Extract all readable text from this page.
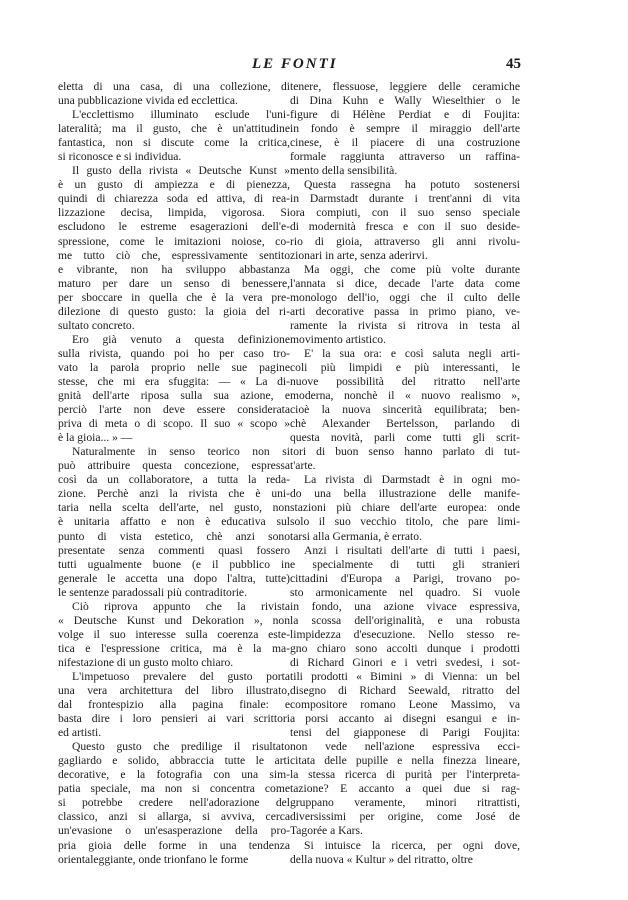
LE FONTI	45

eletta di una casa, di una collezione, di
una pubblicazione vivida ed ecclettica.

L'ecclettismo illuminato esclude l'uni-
lateralità; ma il gusto, che è un'attitudine
fantastica, non si discute come la critica,
si riconosce e si individua.

Il gusto della rivista « Deutsche Kunst »
è un gusto di ampiezza e di pienezza,
quindi di chiarezza soda ed attiva, di rea-
lizzazione decisa, limpida, vigorosa. Si
escludono le estreme esagerazioni dell'e-
spressione, come le imitazioni noiose, co-
me tutto ciò che, espressivamente sentito
e vibrante, non ha sviluppo abbastanza
maturo per dare un senso di benessere,
per sboccare in quella che è la vera pre-
dilezione di questo gusto: la gioia del ri-
sultato concreto.

Ero già venuto a questa definizione
sulla rivista, quando poi ho per caso tro-
vato la parola proprio nelle sue pagine
stesse, che mi era sfuggita: — « La di-
gnità dell'arte riposa sulla sua azione, e
perciò l'arte non deve essere considerata
priva di meta o di scopo. Il suo « scopo »
è la gioia... » —

Naturalmente in senso teorico non si
può attribuire questa concezione, espressa
così da un collaboratore, a tutta la reda-
zione. Perchè anzi la rivista che è uni-
taria nella scelta dell'arte, nel gusto, non
è unitaria affatto e non è educativa sul
punto di vista estetico, chè anzi sono
presentate senza commenti quasi fossero
tutti ugualmente buone (e il pubblico in
generale le accetta una dopo l'altra, tutte)
le sentenze paradossali più contraditorie.

Ciò riprova appunto che la rivista
« Deutsche Kunst und Dekoration », non
volge il suo interesse sulla coerenza este-
tica e l'espressione critica, ma è la ma-
nifestazione di un gusto molto chiaro.

L'impetuoso prevalere del gusto porta
una vera architettura del libro illustrato,
dal frontespizio alla pagina finale: e
basta dire i loro pensieri ai vari scrittori
ed artisti.

Questo gusto che predilige il risultato
gagliardo e solido, abbraccia tutte le arti
decorative, e la fotografia con una sim-
patia speciale, ma non si concentra come
si potrebbe credere nell'adorazione del
classico, anzi si allarga, si avviva, cerca
un'evasione o un'esasperazione della pro-
pria gioia delle forme in una tendenza
orientaleggiante, onde trionfano le forme

tenere, flessuose, leggiere delle ceramiche
di Dina Kuhn e Wally Wieselthier o le
figure di Hélène Perdiat e di Foujita:
in fondo è sempre il miraggio dell'arte
cinese, è il piacere di una costruzione
formale raggiunta attraverso un raffina-
mento della sensibilità.

Questa rassegna ha potuto sostenersi
in Darmstadt durante i trent'anni di vita
ora compiuti, con il suo senso speciale
di modernità fresca e con il suo deside-
rio di gioia, attraverso gli anni rivolu-
zionari in arte, senza aderirvi.

Ma oggi, che come più volte durante
l'annata si dice, decade l'arte data come
monologo dell'io, oggi che il culto delle
arti decorative passa in primo piano, ve-
ramente la rivista si ritrova in testa al
movimento artistico.

E' la sua ora: e così saluta negli arti-
coli più limpidi e più interessanti, le
nuove possibilità del ritratto nell'arte
moderna, nonchè il « nuovo realismo »,
cioè la nuova sincerità equilibrata; ben-
chè Alexander Bertelsson, parlando di
questa novità, parli come tutti gli scrit-
tori di buon senso hanno parlato di tut-
t'arte.

La rivista di Darmstadt è in ogni mo-
do una bella illustrazione delle manife-
stazioni più chiare dell'arte europea: onde
solo il suo vecchio titolo, che pare limi-
tarsi alla Germania, è errato.

Anzi i risultati dell'arte di tutti i paesi,
e specialmente di tutti gli stranieri
cittadini d'Europa a Parigi, trovano po-
sto armonicamente nel quadro. Si vuole
in fondo, una azione vivace espressiva,
la scossa dell'originalità, e una robusta
limpidezza d'esecuzione. Nello stesso re-
gno chiaro sono accolti dunque i prodotti
di Richard Ginori e i vetri svedesi, i sot-
tili prodotti « Bimini » di Vienna: un bel
disegno di Richard Seewald, ritratto del
compositore romano Leone Massimo, va
a porsi accanto ai disegni esangui e in-
tensi del giapponese di Parigi Foujita:
non vede nell'azione espressiva ecci-
citata delle pupille e nella finezza lineare,
la stessa ricerca di purità per l'interpreta-
tazione? E accanto a quei due si rag-
gruppano veramente, minori ritrattisti,
diversissimi per origine, come José de
Tagorée a Kars.

Si intuisce la ricerca, per ogni dove,
della nuova « Kultur » del ritratto, oltre
